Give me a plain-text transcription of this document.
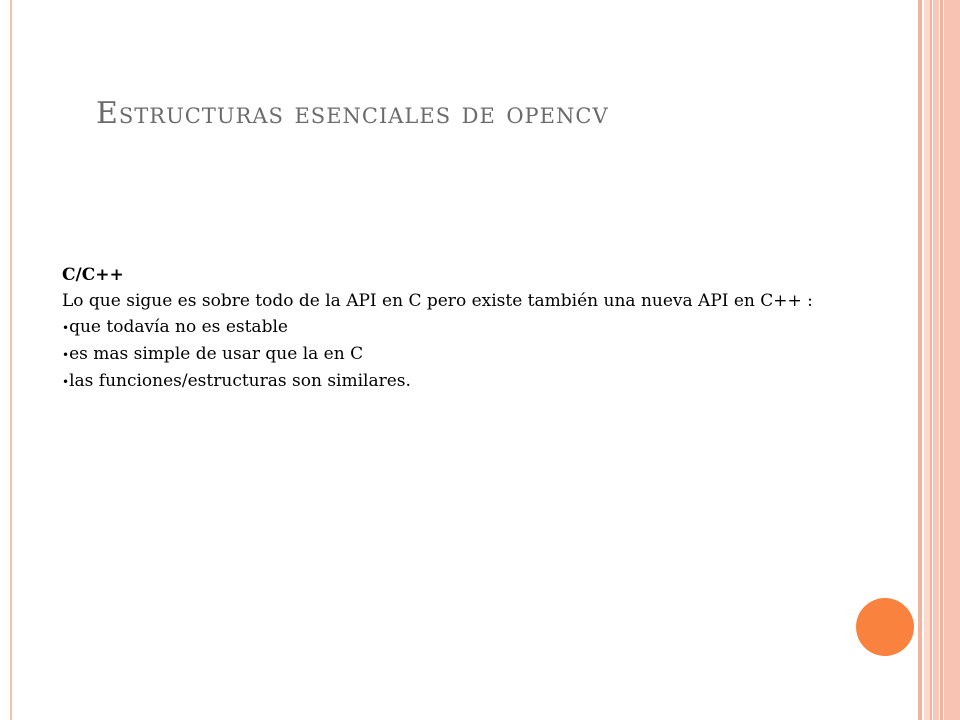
Estructuras esenciales de opencv

C/C++

Lo que sigue es sobre todo de la API en C pero existe también una nueva API en C++ :

•que todavía no es estable
•es mas simple de usar que la en C
•las funciones/estructuras son similares.
